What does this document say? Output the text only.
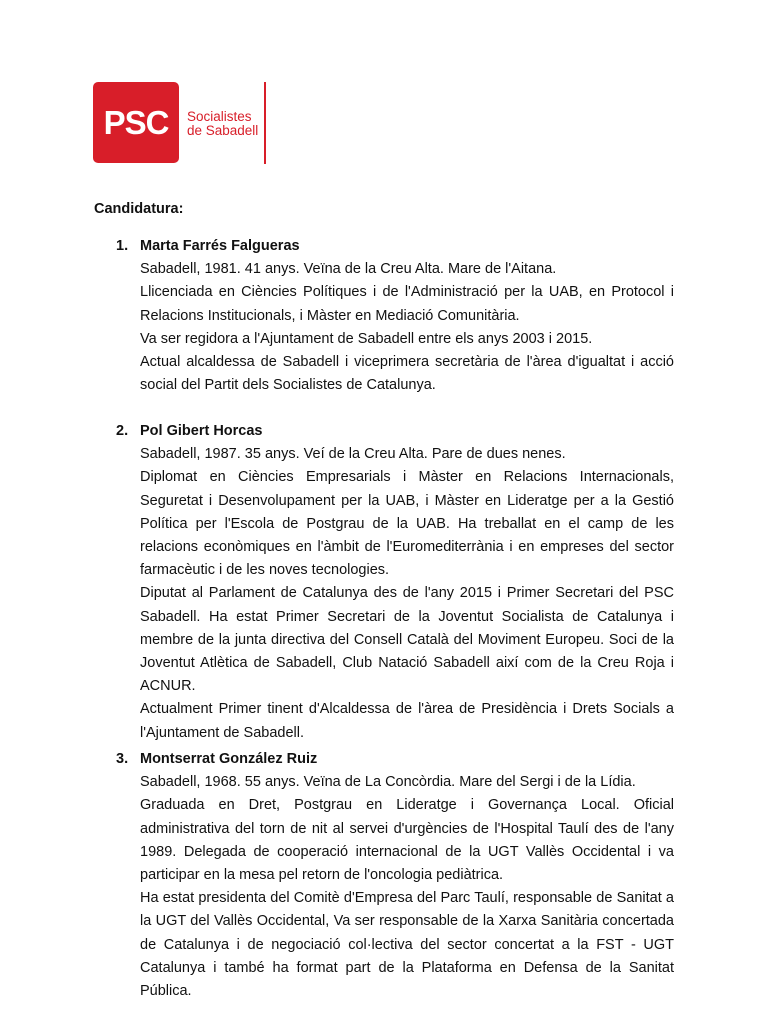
PSC Socialistes
de Sabadell
Candidatura:
1. Marta Farrés Falgueras
Sabadell, 1981. 41 anys. Veïna de la Creu Alta. Mare de l'Aitana.
Llicenciada en Ciències Polítiques i de l'Administració per la UAB, en Protocol i Relacions Institucionals, i Màster en Mediació Comunitària.
Va ser regidora a l'Ajuntament de Sabadell entre els anys 2003 i 2015.
Actual alcaldessa de Sabadell i viceprimera secretària de l'àrea d'igualtat i acció social del Partit dels Socialistes de Catalunya.
2. Pol Gibert Horcas
Sabadell, 1987. 35 anys. Veí de la Creu Alta. Pare de dues nenes.
Diplomat en Ciències Empresarials i Màster en Relacions Internacionals, Seguretat i Desenvolupament per la UAB, i Màster en Lideratge per a la Gestió Política per l'Escola de Postgrau de la UAB. Ha treballat en el camp de les relacions econòmiques en l'àmbit de l'Euromediterrània i en empreses del sector farmacèutic i de les noves tecnologies.
Diputat al Parlament de Catalunya des de l'any 2015 i Primer Secretari del PSC Sabadell. Ha estat Primer Secretari de la Joventut Socialista de Catalunya i membre de la junta directiva del Consell Català del Moviment Europeu. Soci de la Joventut Atlètica de Sabadell, Club Natació Sabadell així com de la Creu Roja i ACNUR.
Actualment Primer tinent d'Alcaldessa de l'àrea de Presidència i Drets Socials a l'Ajuntament de Sabadell.
3. Montserrat González Ruiz
Sabadell, 1968. 55 anys. Veïna de La Concòrdia. Mare del Sergi i de la Lídia.
Graduada en Dret, Postgrau en Lideratge i Governança Local. Oficial administrativa del torn de nit al servei d'urgències de l'Hospital Taulí des de l'any 1989. Delegada de cooperació internacional de la UGT Vallès Occidental i va participar en la mesa pel retorn de l'oncologia pediàtrica.
Ha estat presidenta del Comitè d'Empresa del Parc Taulí, responsable de Sanitat a la UGT del Vallès Occidental, Va ser responsable de la Xarxa Sanitària concertada de Catalunya i de negociació col·lectiva del sector concertat a la FST - UGT Catalunya i també ha format part de la Plataforma en Defensa de la Sanitat Pública.
